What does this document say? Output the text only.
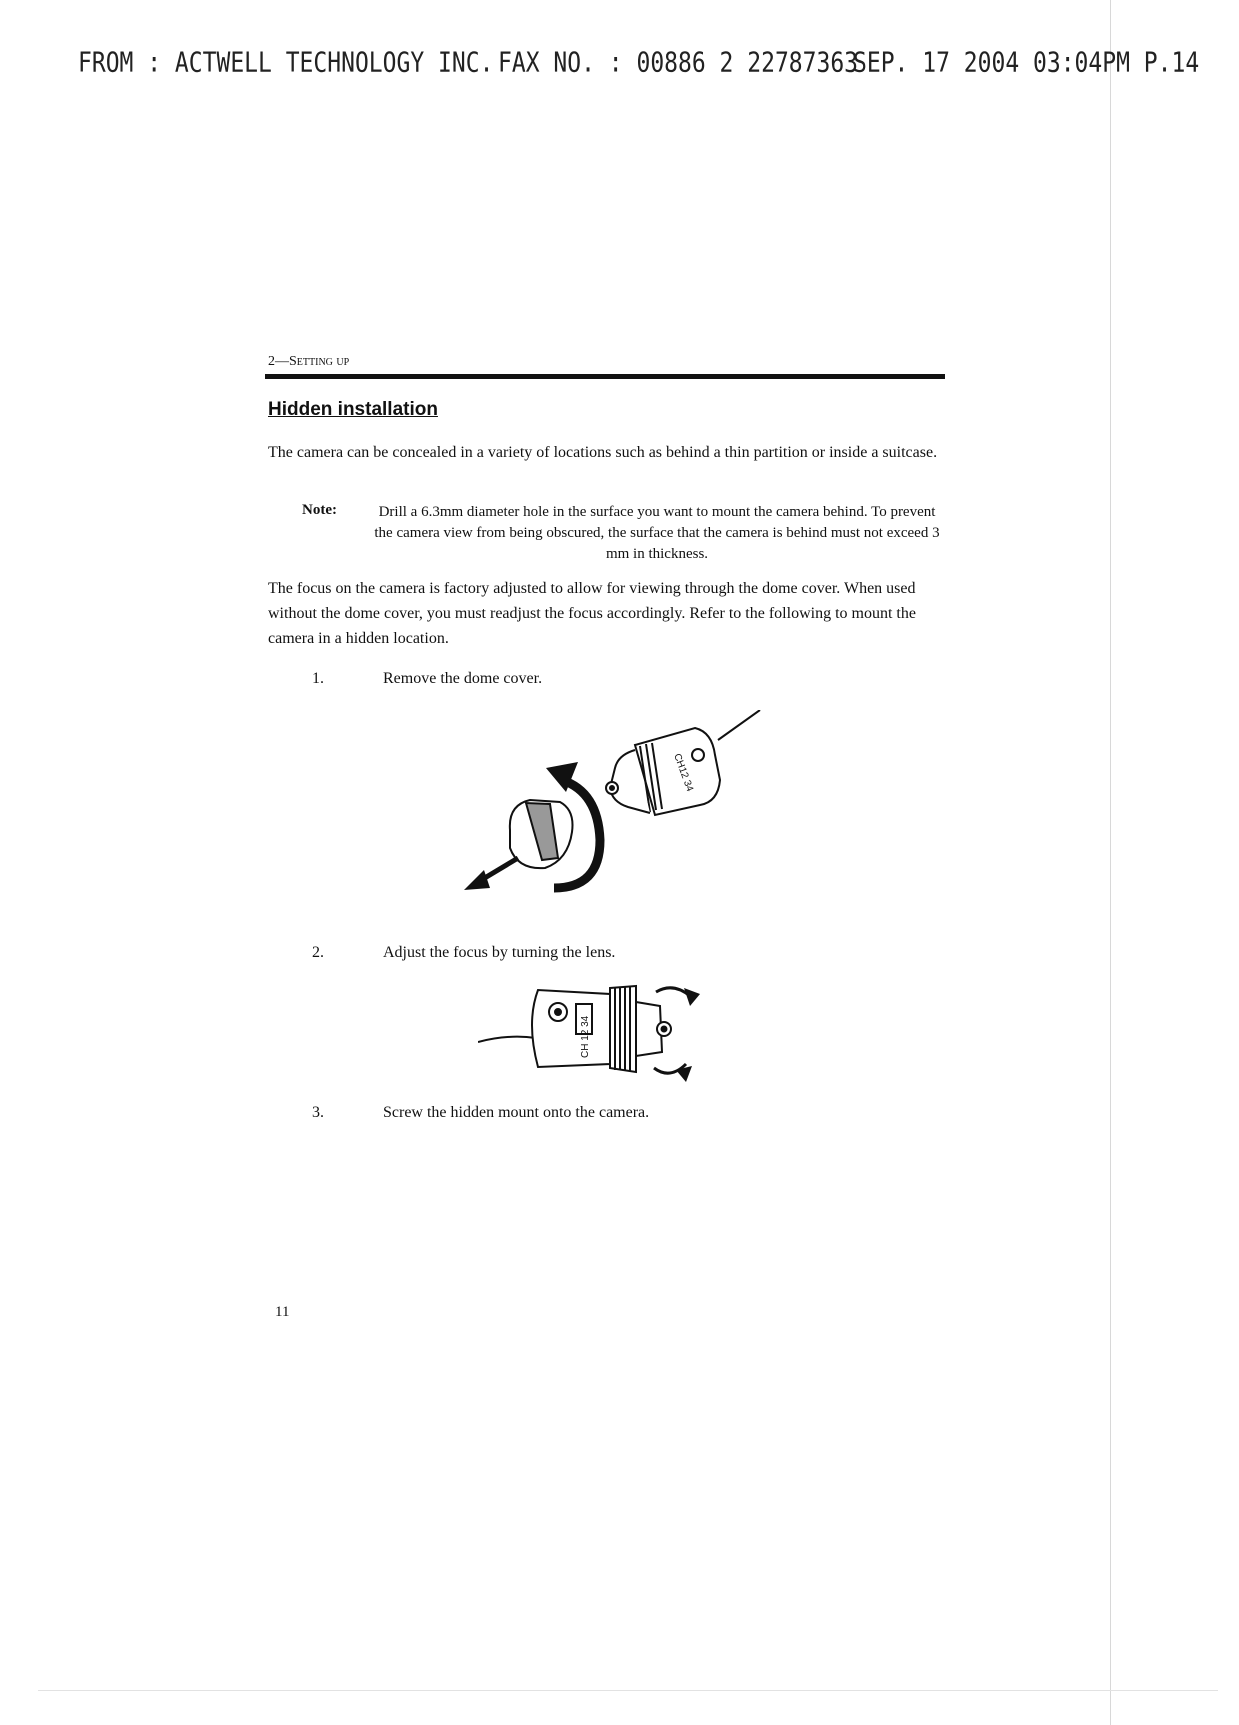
FROM : ACTWELL TECHNOLOGY INC. FAX NO. : 00886 2 22787363
SEP. 17 2004 03:04PM P.14
2—Setting up
Hidden installation
The camera can be concealed in a variety of locations such as behind a thin partition or inside a suitcase.
Note:	Drill a 6.3mm diameter hole in the surface you want to mount the camera behind. To prevent the camera view from being obscured, the surface that the camera is behind must not exceed 3 mm in thickness.
The focus on the camera is factory adjusted to allow for viewing through the dome cover. When used without the dome cover, you must readjust the focus accordingly. Refer to the following to mount the camera in a hidden location.
1.	Remove the dome cover.
CH12 34
2.	Adjust the focus by turning the lens.
CH 12 34
3.	Screw the hidden mount onto the camera.
11
